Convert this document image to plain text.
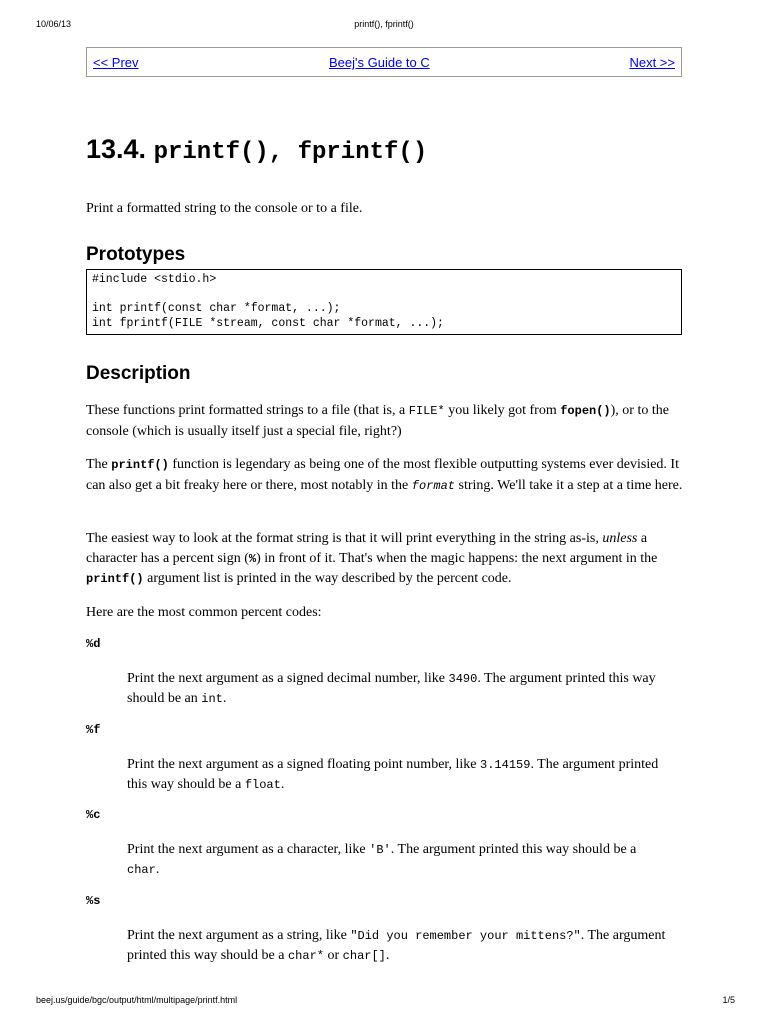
10/06/13	printf(), fprintf()
<< Prev	Beej's Guide to C	Next >>
13.4. printf(), fprintf()
Print a formatted string to the console or to a file.
Prototypes
#include <stdio.h>

int printf(const char *format, ...);
int fprintf(FILE *stream, const char *format, ...);
Description
These functions print formatted strings to a file (that is, a FILE* you likely got from fopen()), or to the console (which is usually itself just a special file, right?)
The printf() function is legendary as being one of the most flexible outputting systems ever devisied. It can also get a bit freaky here or there, most notably in the format string. We'll take it a step at a time here.
The easiest way to look at the format string is that it will print everything in the string as-is, unless a character has a percent sign (%) in front of it. That's when the magic happens: the next argument in the printf() argument list is printed in the way described by the percent code.
Here are the most common percent codes:
%d
Print the next argument as a signed decimal number, like 3490. The argument printed this way should be an int.
%f
Print the next argument as a signed floating point number, like 3.14159. The argument printed this way should be a float.
%c
Print the next argument as a character, like 'B'. The argument printed this way should be a char.
%s
Print the next argument as a string, like "Did you remember your mittens?". The argument printed this way should be a char* or char[].
beej.us/guide/bgc/output/html/multipage/printf.html	1/5
